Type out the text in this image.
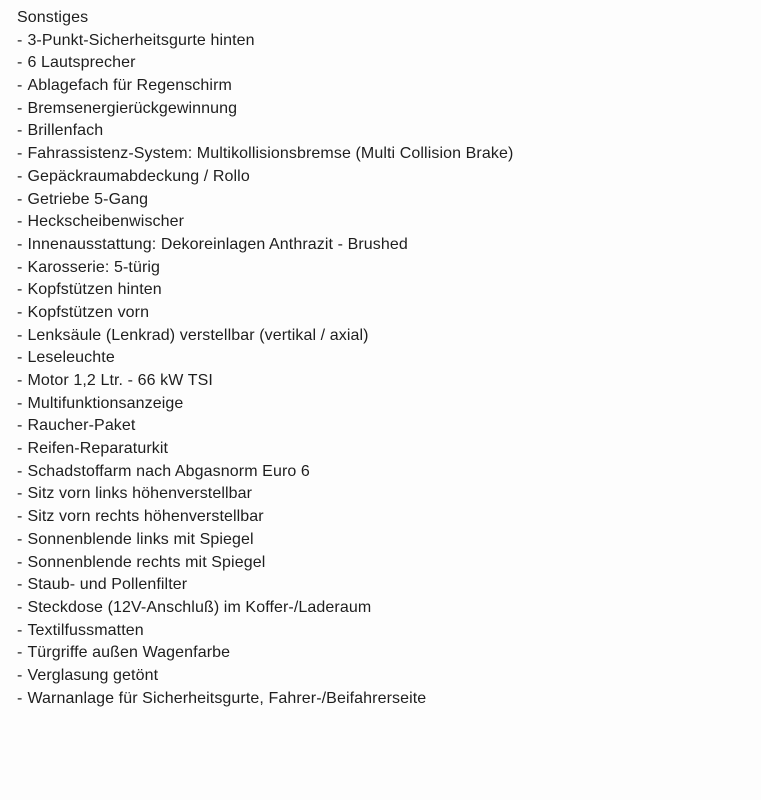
Sonstiges
- 3-Punkt-Sicherheitsgurte hinten
- 6 Lautsprecher
- Ablagefach für Regenschirm
- Bremsenergierückgewinnung
- Brillenfach
- Fahrassistenz-System: Multikollisionsbremse (Multi Collision Brake)
- Gepäckraumabdeckung / Rollo
- Getriebe 5-Gang
- Heckscheibenwischer
- Innenausstattung: Dekoreinlagen Anthrazit - Brushed
- Karosserie: 5-türig
- Kopfstützen hinten
- Kopfstützen vorn
- Lenksäule (Lenkrad) verstellbar (vertikal / axial)
- Leseleuchte
- Motor 1,2 Ltr. - 66 kW TSI
- Multifunktionsanzeige
- Raucher-Paket
- Reifen-Reparaturkit
- Schadstoffarm nach Abgasnorm Euro 6
- Sitz vorn links höhenverstellbar
- Sitz vorn rechts höhenverstellbar
- Sonnenblende links mit Spiegel
- Sonnenblende rechts mit Spiegel
- Staub- und Pollenfilter
- Steckdose (12V-Anschluß) im Koffer-/Laderaum
- Textilfussmatten
- Türgriffe außen Wagenfarbe
- Verglasung getönt
- Warnanlage für Sicherheitsgurte, Fahrer-/Beifahrerseite
